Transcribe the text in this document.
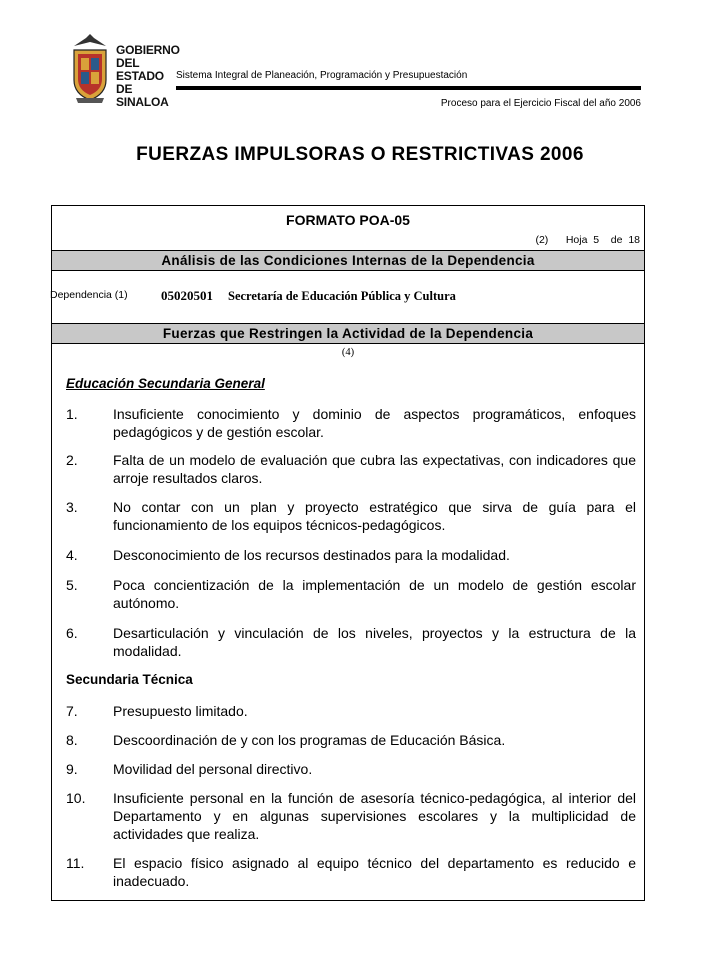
GOBIERNO
DEL ESTADO
DE SINALOA
Sistema Integral de Planeación, Programación y Presupuestación
Proceso para el Ejercicio Fiscal del año 2006
FUERZAS IMPULSORAS O RESTRICTIVAS 2006
FORMATO POA-05
(2) Hoja 5 de 18
Análisis de las Condiciones Internas de la Dependencia
Dependencia (1)	05020501 Secretaría de Educación Pública y Cultura
Fuerzas que Restringen la Actividad de la Dependencia
(4)
Educación Secundaria General
1.	Insuficiente conocimiento y dominio de aspectos programáticos, enfoques pedagógicos y de gestión escolar.
2.	Falta de un modelo de evaluación que cubra las expectativas, con indicadores que arroje resultados claros.
3.	No contar con un plan y proyecto estratégico que sirva de guía para el funcionamiento de los equipos técnicos-pedagógicos.
4.	Desconocimiento de los recursos destinados para la modalidad.
5.	Poca concientización de la implementación de un modelo de gestión escolar autónomo.
6.	Desarticulación y vinculación de los niveles, proyectos y la estructura de la modalidad.
Secundaria Técnica
7.	Presupuesto limitado.
8.	Descoordinación de y con los programas de Educación Básica.
9.	Movilidad del personal directivo.
10.	Insuficiente personal en la función de asesoría técnico-pedagógica, al interior del Departamento y en algunas supervisiones escolares y la multiplicidad de actividades que realiza.
11.	El espacio físico asignado al equipo técnico del departamento es reducido e inadecuado.
